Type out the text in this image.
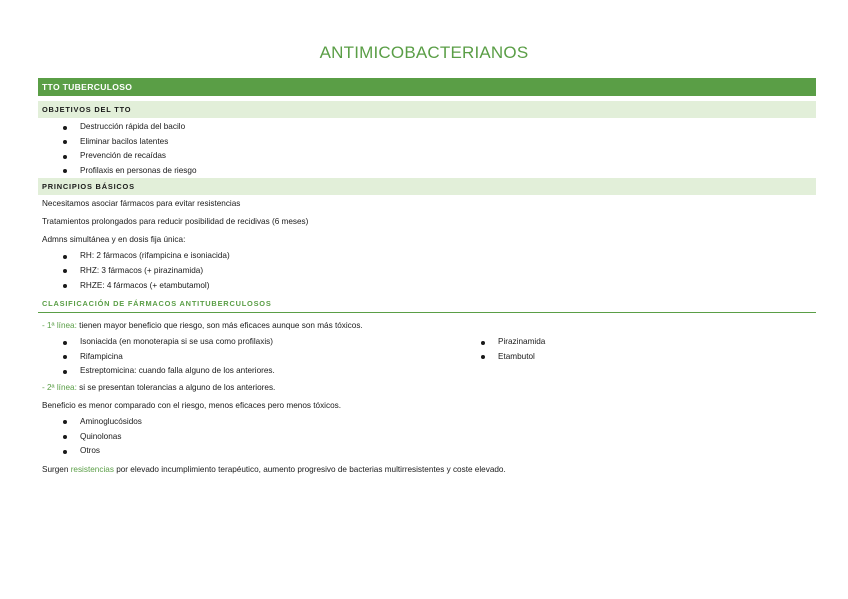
ANTIMICOBACTERIANOS
TTO TUBERCULOSO
OBJETIVOS DEL TTO
Destrucción rápida del bacilo
Eliminar bacilos latentes
Prevención de recaídas
Profilaxis en personas de riesgo
PRINCIPIOS BÁSICOS
Necesitamos asociar fármacos para evitar resistencias
Tratamientos prolongados para reducir posibilidad de recidivas (6 meses)
Admns simultánea y en dosis fija única:
RH: 2 fármacos (rifampicina e isoniacida)
RHZ: 3 fármacos (+ pirazinamida)
RHZE: 4 fármacos (+ etambutamol)
CLASIFICACIÓN DE FÁRMACOS ANTITUBERCULOSOS
- 1ª línea: tienen mayor beneficio que riesgo, son más eficaces aunque son más tóxicos.
Isoniacida (en monoterapia si se usa como profilaxis)
Rifampicina
Estreptomicina: cuando falla alguno de los anteriores.
Pirazinamida
Etambutol
- 2ª línea: si se presentan tolerancias a alguno de los anteriores.
Beneficio es menor comparado con el riesgo, menos eficaces pero menos tóxicos.
Aminoglucósidos
Quinolonas
Otros
Surgen resistencias por elevado incumplimiento terapéutico, aumento progresivo de bacterias multirresistentes y coste elevado.
